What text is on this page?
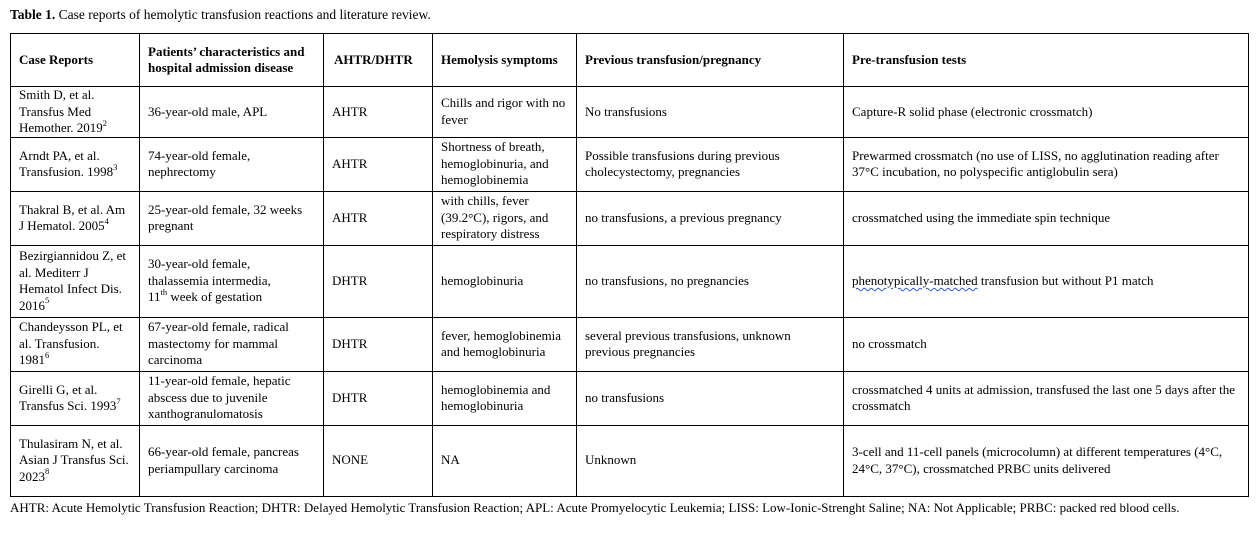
Table 1. Case reports of hemolytic transfusion reactions and literature review.
Case Reports	Patients’ characteristics and hospital admission disease	AHTR/DHTR	Hemolysis symptoms	Previous transfusion/pregnancy	Pre-transfusion tests
Smith D, et al. Transfus Med Hemother. 2019$^2$	36-year-old male, APL	AHTR	Chills and rigor with no fever	No transfusions	Capture-R solid phase (electronic crossmatch)
Arndt PA, et al. Transfusion. 1998$^3$	74-year-old female, nephrectomy	AHTR	Shortness of breath, hemoglobinuria, and hemoglobinemia	Possible transfusions during previous cholecystectomy, pregnancies	Prewarmed crossmatch (no use of LISS, no agglutination reading after 37°C incubation, no polyspecific antiglobulin sera)
Thakral B, et al. Am J Hematol. 2005$^4$	25-year-old female, 32 weeks pregnant	AHTR	with chills, fever (39.2°C), rigors, and respiratory distress	no transfusions, a previous pregnancy	crossmatched using the immediate spin technique
Bezirgiannidou Z, et al. Mediterr J Hematol Infect Dis. 2016$^5$	30-year-old female,
thalassemia intermedia,
11th week of gestation	DHTR	hemoglobinuria	no transfusions, no pregnancies	phenotypically-matched transfusion but without P1 match
Chandeysson PL, et al. Transfusion. 1981$^6$	67-year-old female, radical mastectomy for mammal carcinoma	DHTR	fever, hemoglobinemia and hemoglobinuria	several previous transfusions, unknown previous pregnancies	no crossmatch
Girelli G, et al. Transfus Sci. 1993$^7$	11-year-old female, hepatic abscess due to juvenile xanthogranulomatosis	DHTR	hemoglobinemia and hemoglobinuria	no transfusions	crossmatched 4 units at admission, transfused the last one 5 days after the crossmatch
Thulasiram N, et al. Asian J Transfus Sci. 2023$^8$	66-year-old female, pancreas periampullary carcinoma	NONE	NA	Unknown	3-cell and 11-cell panels (microcolumn) at different temperatures (4°C, 24°C, 37°C), crossmatched PRBC units delivered
AHTR: Acute Hemolytic Transfusion Reaction; DHTR: Delayed Hemolytic Transfusion Reaction; APL: Acute Promyelocytic Leukemia; LISS: Low-Ionic-Strenght Saline; NA: Not Applicable; PRBC: packed red blood cells.
